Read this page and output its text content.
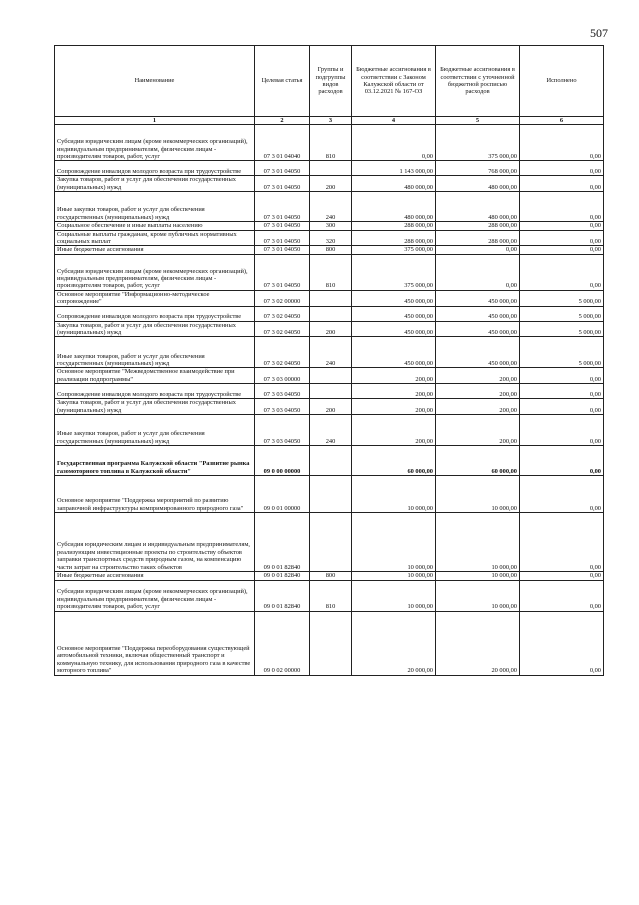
507
Наименование	Целевая статья	Группы и подгруппы видов расходов	Бюджетные ассигнования в соответствии с Законом Калужской области от 03.12.2021 № 167-ОЗ	Бюджетные ассигнования в соответствии с уточненной бюджетной росписью расходов	Исполнено
1	2	3	4	5	6
Субсидии юридическим лицам (кроме некоммерческих организаций), индивидуальным предпринимателям, физическим лицам - производителям товаров, работ, услуг	07 3 01 04040	810	0,00	375 000,00	0,00
Сопровождение инвалидов молодого возраста при трудоустройстве	07 3 01 04050		1 143 000,00	768 000,00	0,00
Закупка товаров, работ и услуг для обеспечения государственных (муниципальных) нужд	07 3 01 04050	200	480 000,00	480 000,00	0,00
Иные закупки товаров, работ и услуг для обеспечения государственных (муниципальных) нужд	07 3 01 04050	240	480 000,00	480 000,00	0,00
Социальное обеспечение и иные выплаты населению	07 3 01 04050	300	288 000,00	288 000,00	0,00
Социальные выплаты гражданам, кроме публичных нормативных социальных выплат	07 3 01 04050	320	288 000,00	288 000,00	0,00
Иные бюджетные ассигнования	07 3 01 04050	800	375 000,00	0,00	0,00
Субсидии юридическим лицам (кроме некоммерческих организаций), индивидуальным предпринимателям, физическим лицам - производителям товаров, работ, услуг	07 3 01 04050	810	375 000,00	0,00	0,00
Основное мероприятие "Информационно-методическое сопровождение"	07 3 02 00000		450 000,00	450 000,00	5 000,00
Сопровождение инвалидов молодого возраста при трудоустройстве	07 3 02 04050		450 000,00	450 000,00	5 000,00
Закупка товаров, работ и услуг для обеспечения государственных (муниципальных) нужд	07 3 02 04050	200	450 000,00	450 000,00	5 000,00
Иные закупки товаров, работ и услуг для обеспечения государственных (муниципальных) нужд	07 3 02 04050	240	450 000,00	450 000,00	5 000,00
Основное мероприятие "Межведомственное взаимодействие при реализации подпрограммы"	07 3 03 00000		200,00	200,00	0,00
Сопровождение инвалидов молодого возраста при трудоустройстве	07 3 03 04050		200,00	200,00	0,00
Закупка товаров, работ и услуг для обеспечения государственных (муниципальных) нужд	07 3 03 04050	200	200,00	200,00	0,00
Иные закупки товаров, работ и услуг для обеспечения государственных (муниципальных) нужд	07 3 03 04050	240	200,00	200,00	0,00
Государственная программа Калужской области "Развитие рынка газомоторного топлива в Калужской области"	09 0 00 00000		60 000,00	60 000,00	0,00
Основное мероприятие "Поддержка мероприятий по развитию заправочной инфраструктуры компримированного природного газа"	09 0 01 00000		10 000,00	10 000,00	0,00
Субсидия юридическим лицам и индивидуальным предпринимателям, реализующим инвестиционные проекты по строительству объектов заправки транспортных средств природным газом, на компенсацию части затрат на строительство таких объектов	09 0 01 82840		10 000,00	10 000,00	0,00
Иные бюджетные ассигнования	09 0 01 82840	800	10 000,00	10 000,00	0,00
Субсидии юридическим лицам (кроме некоммерческих организаций), индивидуальным предпринимателям, физическим лицам - производителям товаров, работ, услуг	09 0 01 82840	810	10 000,00	10 000,00	0,00
Основное мероприятие "Поддержка переоборудования существующей автомобильной техники, включая общественный транспорт и коммунальную технику, для использования природного газа в качестве моторного топлива"	09 0 02 00000		20 000,00	20 000,00	0,00
